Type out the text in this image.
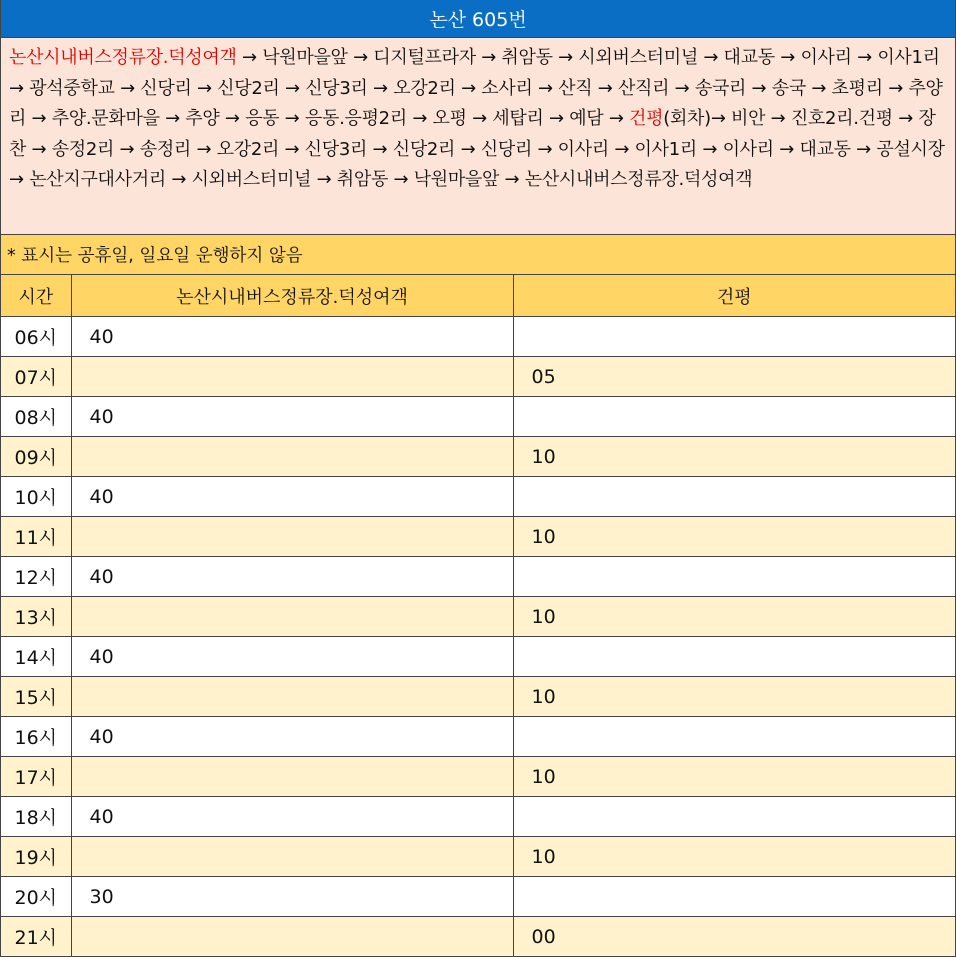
논산 605번
논산시내버스정류장.덕성여객 → 낙원마을앞 → 디지털프라자 → 취암동 → 시외버스터미널 → 대교동 → 이사리 → 이사1리 → 광석중학교 → 신당리 → 신당2리 → 신당3리 → 오강2리 → 소사리 → 산직 → 산직리 → 송국리 → 송국 → 초평리 → 추양리 → 추양.문화마을 → 추양 → 응동 → 응동.응평2리 → 오평 → 세탑리 → 예담 → 건평(회차)→ 비안 → 진호2리.건평 → 장찬 → 송정2리 → 송정리 → 오강2리 → 신당3리 → 신당2리 → 신당리 → 이사리 → 이사1리 → 이사리 → 대교동 → 공설시장 → 논산지구대사거리 → 시외버스터미널 → 취암동 → 낙원마을앞 → 논산시내버스정류장.덕성여객
* 표시는 공휴일, 일요일 운행하지 않음
시간	논산시내버스정류장.덕성여객	건평
06시	40	
07시		05
08시	40	
09시		10
10시	40	
11시		10
12시	40	
13시		10
14시	40	
15시		10
16시	40	
17시		10
18시	40	
19시		10
20시	30	
21시		00
